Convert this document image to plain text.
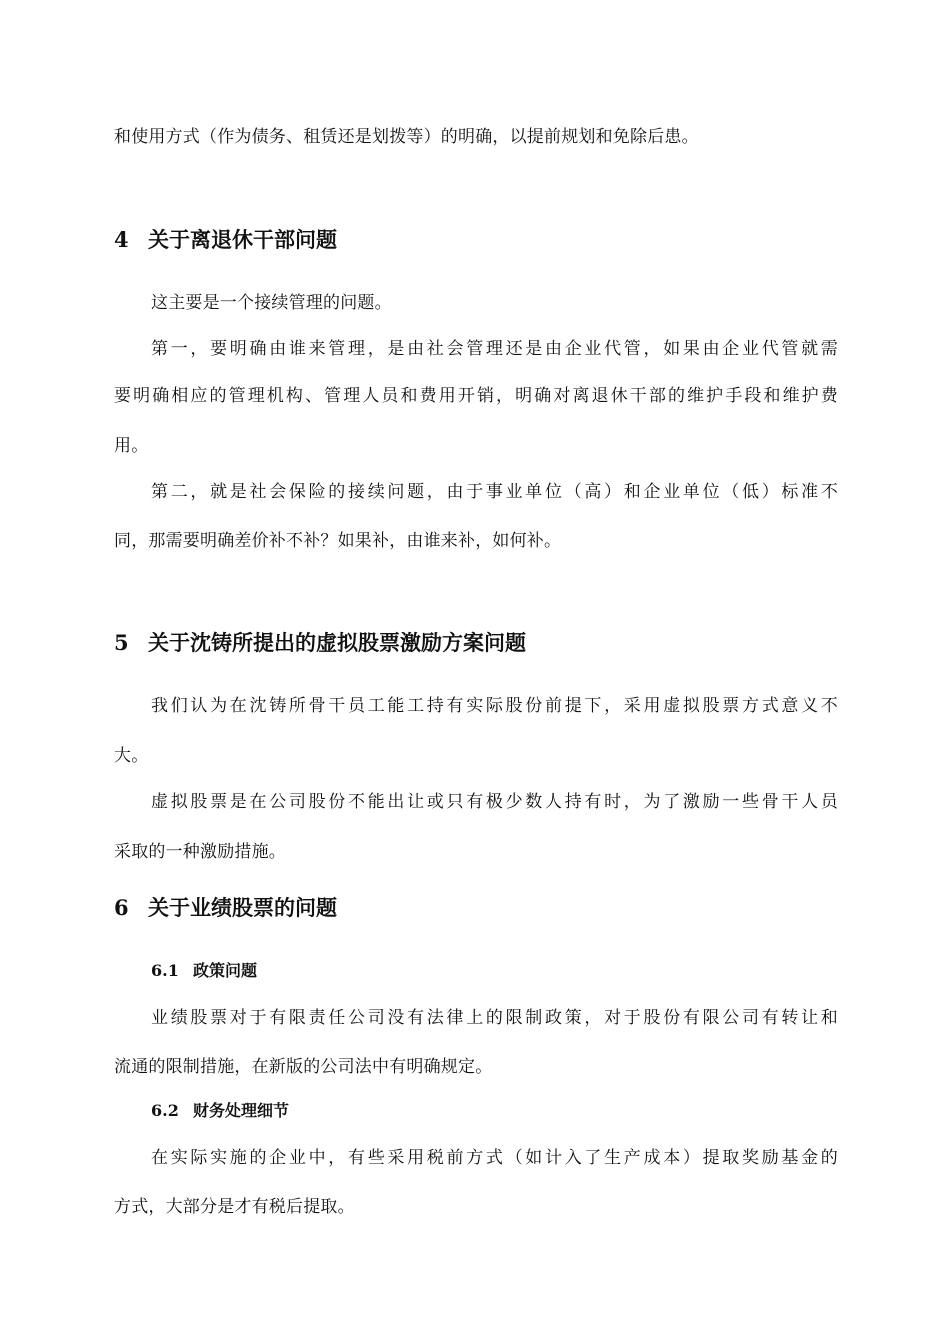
和使用方式（作为债务、租赁还是划拨等）的明确，以提前规划和免除后患。
4 关于离退休干部问题
这主要是一个接续管理的问题。
第一，要明确由谁来管理，是由社会管理还是由企业代管，如果由企业代管就需
要明确相应的管理机构、管理人员和费用开销，明确对离退休干部的维护手段和维护费
用。
第二，就是社会保险的接续问题，由于事业单位（高）和企业单位（低）标准不
同，那需要明确差价补不补？如果补，由谁来补，如何补。
5 关于沈铸所提出的虚拟股票激励方案问题
我们认为在沈铸所骨干员工能工持有实际股份前提下，采用虚拟股票方式意义不
大。
虚拟股票是在公司股份不能出让或只有极少数人持有时，为了激励一些骨干人员
采取的一种激励措施。
6 关于业绩股票的问题
6.1 政策问题
业绩股票对于有限责任公司没有法律上的限制政策，对于股份有限公司有转让和
流通的限制措施，在新版的公司法中有明确规定。
6.2 财务处理细节
在实际实施的企业中，有些采用税前方式（如计入了生产成本）提取奖励基金的
方式，大部分是才有税后提取。
